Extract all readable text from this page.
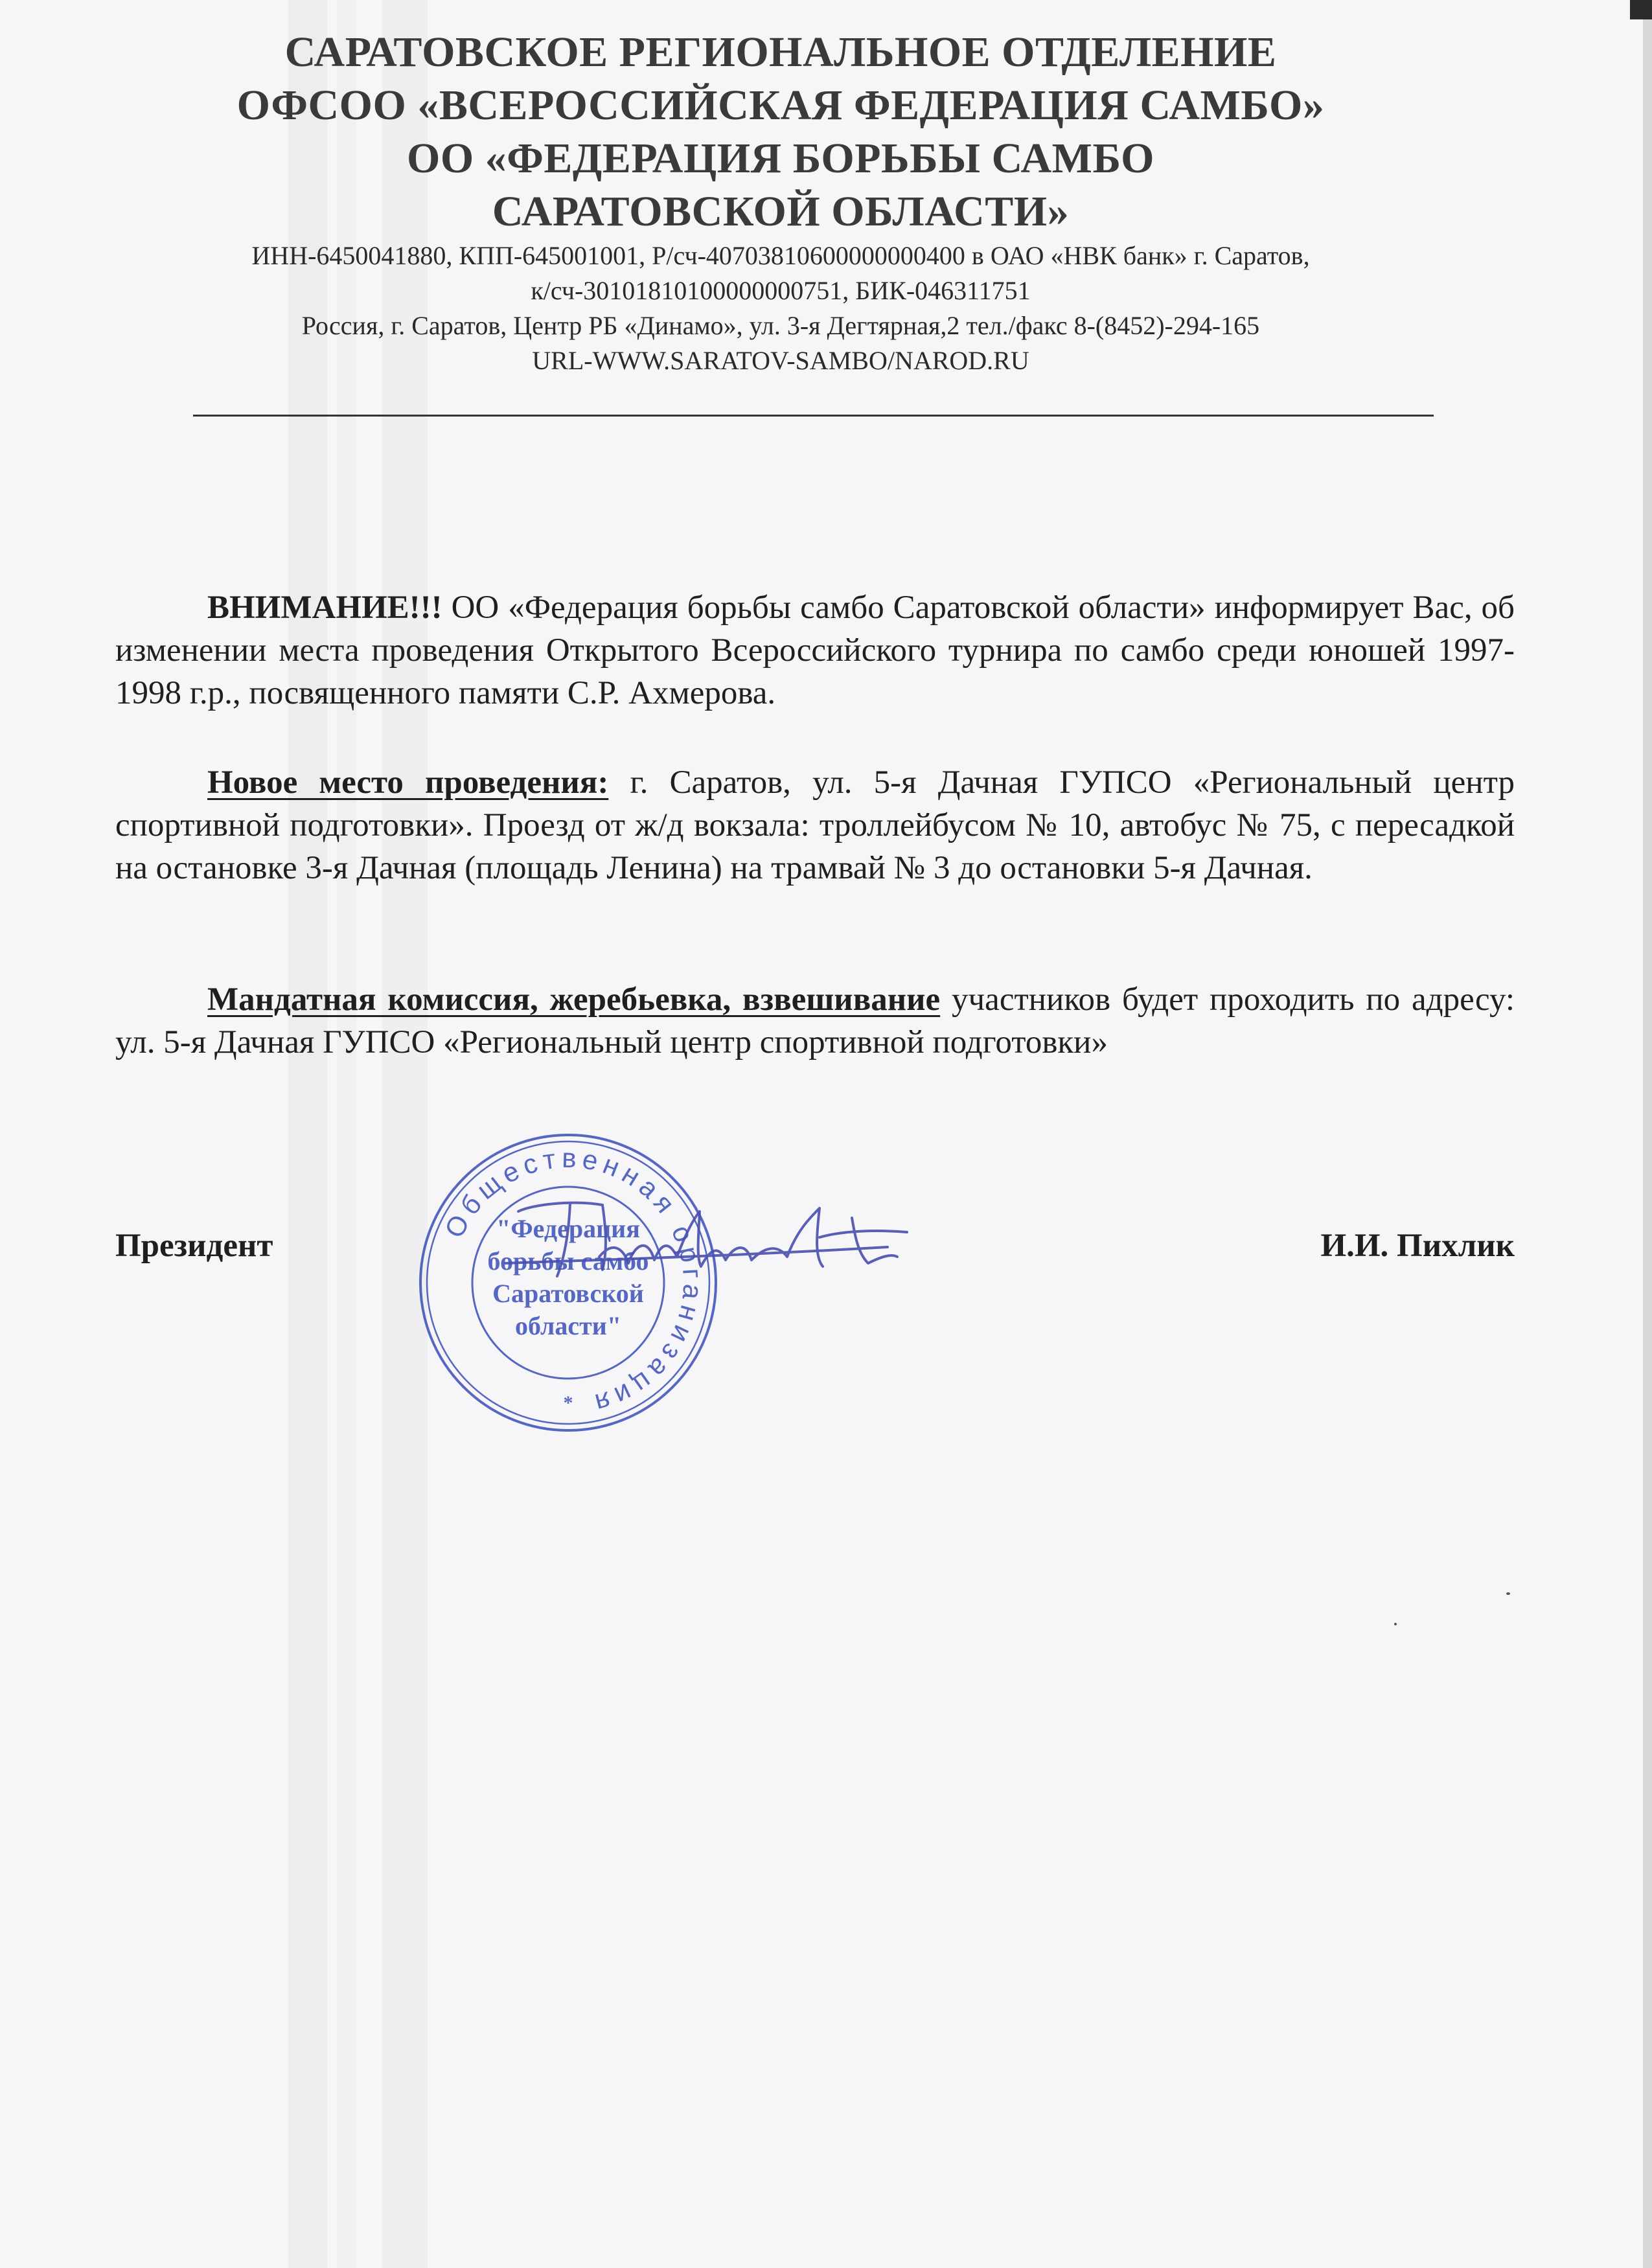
САРАТОВСКОЕ РЕГИОНАЛЬНОЕ ОТДЕЛЕНИЕ
ОФСОО «ВСЕРОССИЙСКАЯ ФЕДЕРАЦИЯ САМБО»
ОО «ФЕДЕРАЦИЯ БОРЬБЫ САМБО
САРАТОВСКОЙ ОБЛАСТИ»
ИНН-6450041880, КПП-645001001, Р/сч-40703810600000000400 в ОАО «НВК банк» г. Саратов,
к/сч-30101810100000000751, БИК-046311751
Россия, г. Саратов, Центр РБ «Динамо», ул. 3-я Дегтярная,2 тел./факс 8-(8452)-294-165
URL-WWW.SARATOV-SAMBO/NAROD.RU

ВНИМАНИЕ!!! ОО «Федерация борьбы самбо Саратовской области» информирует Вас, об изменении места проведения Открытого Всероссийского турнира по самбо среди юношей 1997-1998 г.р., посвященного памяти С.Р. Ахмерова.

Новое место проведения: г. Саратов, ул. 5-я Дачная ГУПСО «Региональный центр спортивной подготовки». Проезд от ж/д вокзала: троллейбусом № 10, автобус № 75, с пересадкой на остановке 3-я Дачная (площадь Ленина) на трамвай № 3 до остановки 5-я Дачная.

Мандатная комиссия, жеребьевка, взвешивание участников будет проходить по адресу: ул. 5-я Дачная ГУПСО «Региональный центр спортивной подготовки»

Общественная организация
"Федерация
борьбы самбо
Саратовской
области"
*
Президент	И.И. Пихлик
